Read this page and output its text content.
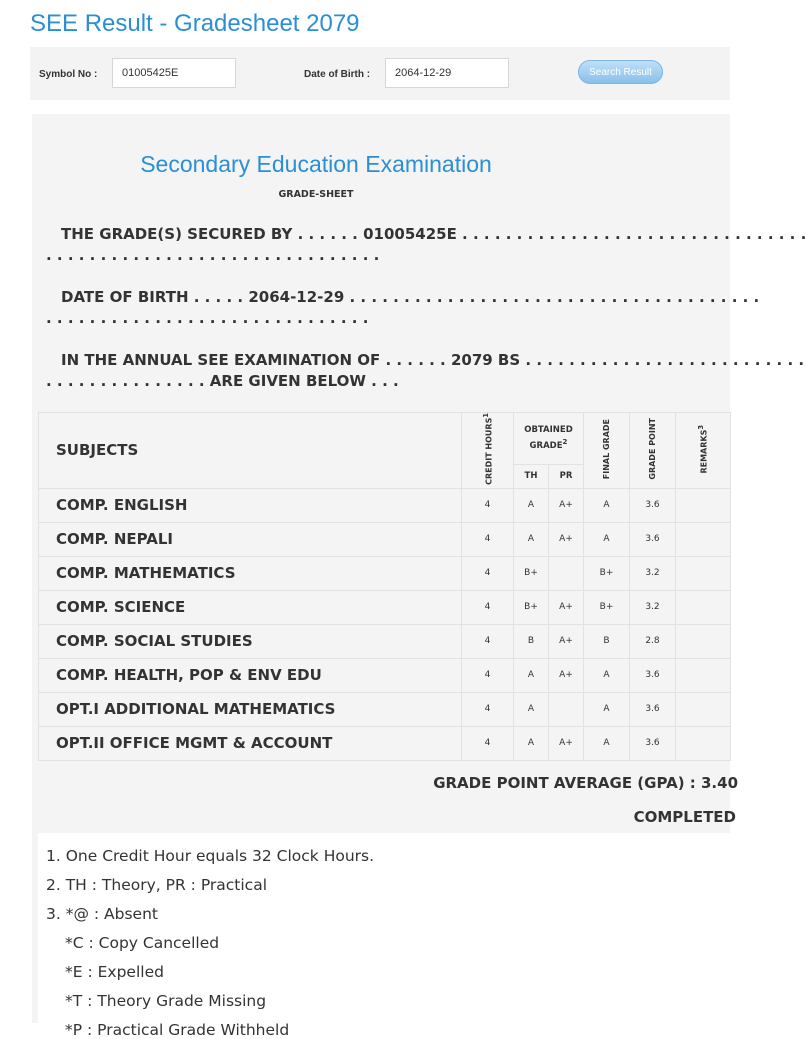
SEE Result - Gradesheet 2079
Symbol No :
01005425E	Date of Birth :
2064-12-29	Search Result
Secondary Education Examination
GRADE-SHEET
THE GRADE(S) SECURED BY . . . . . . 01005425E . . . . . . . . . . . . . . . . . . . . . . . . . . . . . . . .
. . . . . . . . . . . . . . . . . . . . . . . . . . . . . . .
DATE OF BIRTH . . . . . 2064-12-29 . . . . . . . . . . . . . . . . . . . . . . . . . . . . . . . . . . . . . .
. . . . . . . . . . . . . . . . . . . . . . . . . . . . . .
IN THE ANNUAL SEE EXAMINATION OF . . . . . . 2079 BS . . . . . . . . . . . . . . . . . . . . . . . . . .
. . . . . . . . . . . . . . . ARE GIVEN BELOW . . .
SUBJECTS	CREDIT HOURS$^1$	OBTAINED GRADE$^2$		FINAL GRADE	GRADE POINT	REMARKS$^3$
		TH	PR			
COMP. ENGLISH	4	A	A+	A	3.6	
COMP. NEPALI	4	A	A+	A	3.6	
COMP. MATHEMATICS	4	B+		B+	3.2	
COMP. SCIENCE	4	B+	A+	B+	3.2	
COMP. SOCIAL STUDIES	4	B	A+	B	2.8	
COMP. HEALTH, POP & ENV EDU	4	A	A+	A	3.6	
OPT.I ADDITIONAL MATHEMATICS	4	A		A	3.6	
OPT.II OFFICE MGMT & ACCOUNT	4	A	A+	A	3.6	
GRADE POINT AVERAGE (GPA) : 3.40
COMPLETED
1. One Credit Hour equals 32 Clock Hours.
2. TH : Theory, PR : Practical
3. *@ : Absent
*C : Copy Cancelled
*E : Expelled
*T : Theory Grade Missing
*P : Practical Grade Withheld
